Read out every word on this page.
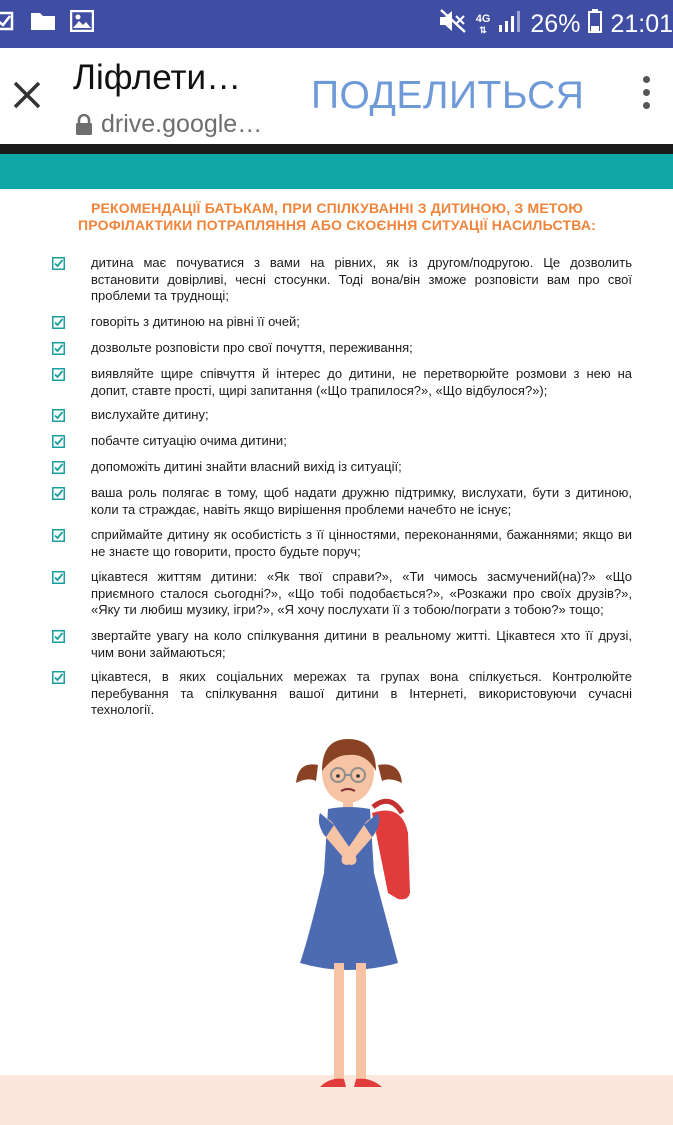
4G
⇅ 26% 21:01
Ліфлети…
drive.google…
ПОДЕЛИТЬСЯ
РЕКОМЕНДАЦІЇ БАТЬКАМ, ПРИ СПІЛКУВАННІ З ДИТИНОЮ, З МЕТОЮ
ПРОФІЛАКТИКИ ПОТРАПЛЯННЯ АБО СКОЄННЯ СИТУАЦІЇ НАСИЛЬСТВА:
дитина має почуватися з вами на рівних, як із другом/подругою. Це дозволить встановити довірливі, чесні стосунки. Тоді вона/він зможе розповісти вам про свої проблеми та труднощі;
говоріть з дитиною на рівні її очей;
дозвольте розповісти про свої почуття, переживання;
виявляйте щире співчуття й інтерес до дитини, не перетворюйте розмови з нею на допит, ставте прості, щирі запитання («Що трапилося?», «Що відбулося?»);
вислухайте дитину;
побачте ситуацію очима дитини;
допоможіть дитині знайти власний вихід із ситуації;
ваша роль полягає в тому, щоб надати дружню підтримку, вислухати, бути з дитиною, коли та страждає, навіть якщо вирішення проблеми начебто не існує;
сприймайте дитину як особистість з її цінностями, переконаннями, бажаннями; якщо ви не знаєте що говорити, просто будьте поруч;
цікавтеся життям дитини: «Як твої справи?», «Ти чимось засмучений(на)?» «Що приємного сталося сьогодні?», «Що тобі подобається?», «Розкажи про своїх друзів?», «Яку ти любиш музику, ігри?», «Я хочу послухати її з тобою/пограти з тобою?» тощо;
звертайте увагу на коло спілкування дитини в реальному житті. Цікавтеся хто її друзі, чим вони займаються;
цікавтеся, в яких соціальних мережах та групах вона спілкується. Контролюйте перебування та спілкування вашої дитини в Інтернеті, використовуючи сучасні технології.
